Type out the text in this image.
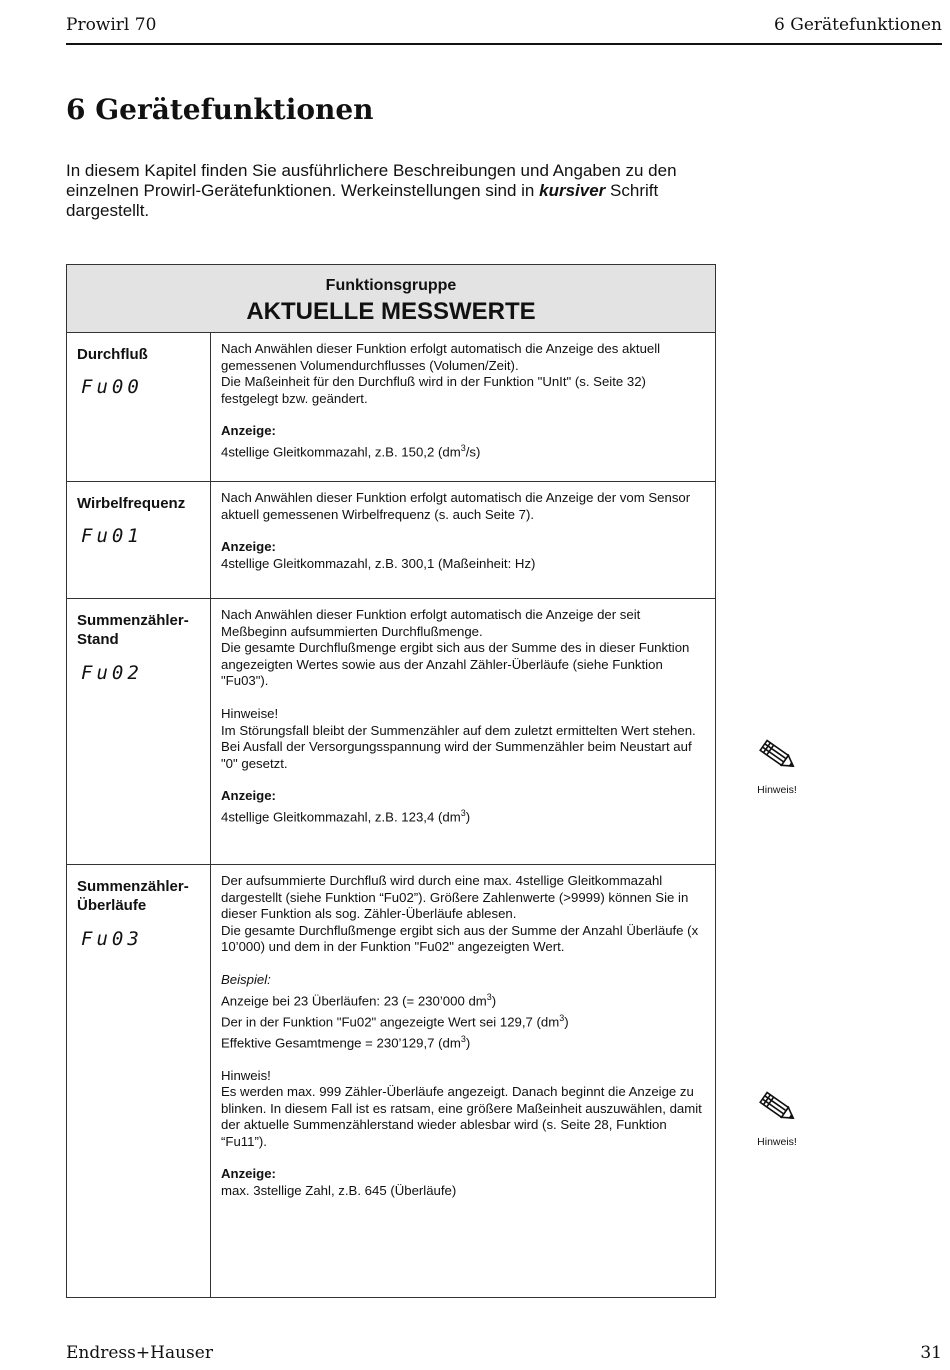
Prowirl 70	6 Gerätefunktionen
6 Gerätefunktionen

In diesem Kapitel finden Sie ausführlichere Beschreibungen und Angaben zu den einzelnen Prowirl-Gerätefunktionen. Werkeinstellungen sind in kursiver Schrift dargestellt.

Funktionsgruppe
AKTUELLE MESSWERTE
Durchfluß
Fu00

Nach Anwählen dieser Funktion erfolgt automatisch die Anzeige des aktuell gemessenen Volumendurchflusses (Volumen/Zeit).

Die Maßeinheit für den Durchfluß wird in der Funktion "UnIt" (s. Seite 32) festgelegt bzw. geändert.

Anzeige:

4stellige Gleitkommazahl, z.B. 150,2 $(dm^3/s)$

Wirbelfrequenz
Fu01

Nach Anwählen dieser Funktion erfolgt automatisch die Anzeige der vom Sensor aktuell gemessenen Wirbelfrequenz (s. auch Seite 7).

Anzeige:

4stellige Gleitkommazahl, z.B. 300,1 (Maßeinheit: Hz)

Summenzähler-Stand
Fu02

Nach Anwählen dieser Funktion erfolgt automatisch die Anzeige der seit Meßbeginn aufsummierten Durchflußmenge.

Die gesamte Durchflußmenge ergibt sich aus der Summe des in dieser Funktion angezeigten Wertes sowie aus der Anzahl Zähler-Überläufe (siehe Funktion "Fu03").

Hinweise!

Im Störungsfall bleibt der Summenzähler auf dem zuletzt ermittelten Wert stehen.

Bei Ausfall der Versorgungsspannung wird der Summenzähler beim Neustart auf "0" gesetzt.

Anzeige:

4stellige Gleitkommazahl, z.B. 123,4 $(dm^3)$

Summenzähler-Überläufe
Fu03

Der aufsummierte Durchfluß wird durch eine max. 4stellige Gleitkommazahl dargestellt (siehe Funktion “Fu02”). Größere Zahlenwerte (>9999) können Sie in dieser Funktion als sog. Zähler-Überläufe ablesen.

Die gesamte Durchflußmenge ergibt sich aus der Summe der Anzahl Überläufe (x 10’000) und dem in der Funktion "Fu02" angezeigten Wert.

Beispiel:

Anzeige bei 23 Überläufen: 23 (= 230’000 $dm^3$)

Der in der Funktion "Fu02" angezeigte Wert sei 129,7 $(dm^3)$

Effektive Gesamtmenge = 230’129,7 $(dm^3)$

Hinweis!

Es werden max. 999 Zähler-Überläufe angezeigt. Danach beginnt die Anzeige zu blinken. In diesem Fall ist es ratsam, eine größere Maßeinheit auszuwählen, damit der aktuelle Summenzählerstand wieder ablesbar wird (s. Seite 28, Funktion “Fu11”).

Anzeige:

max. 3stellige Zahl, z.B. 645 (Überläufe)

Hinweis!
Hinweis!
Endress+Hauser	31
